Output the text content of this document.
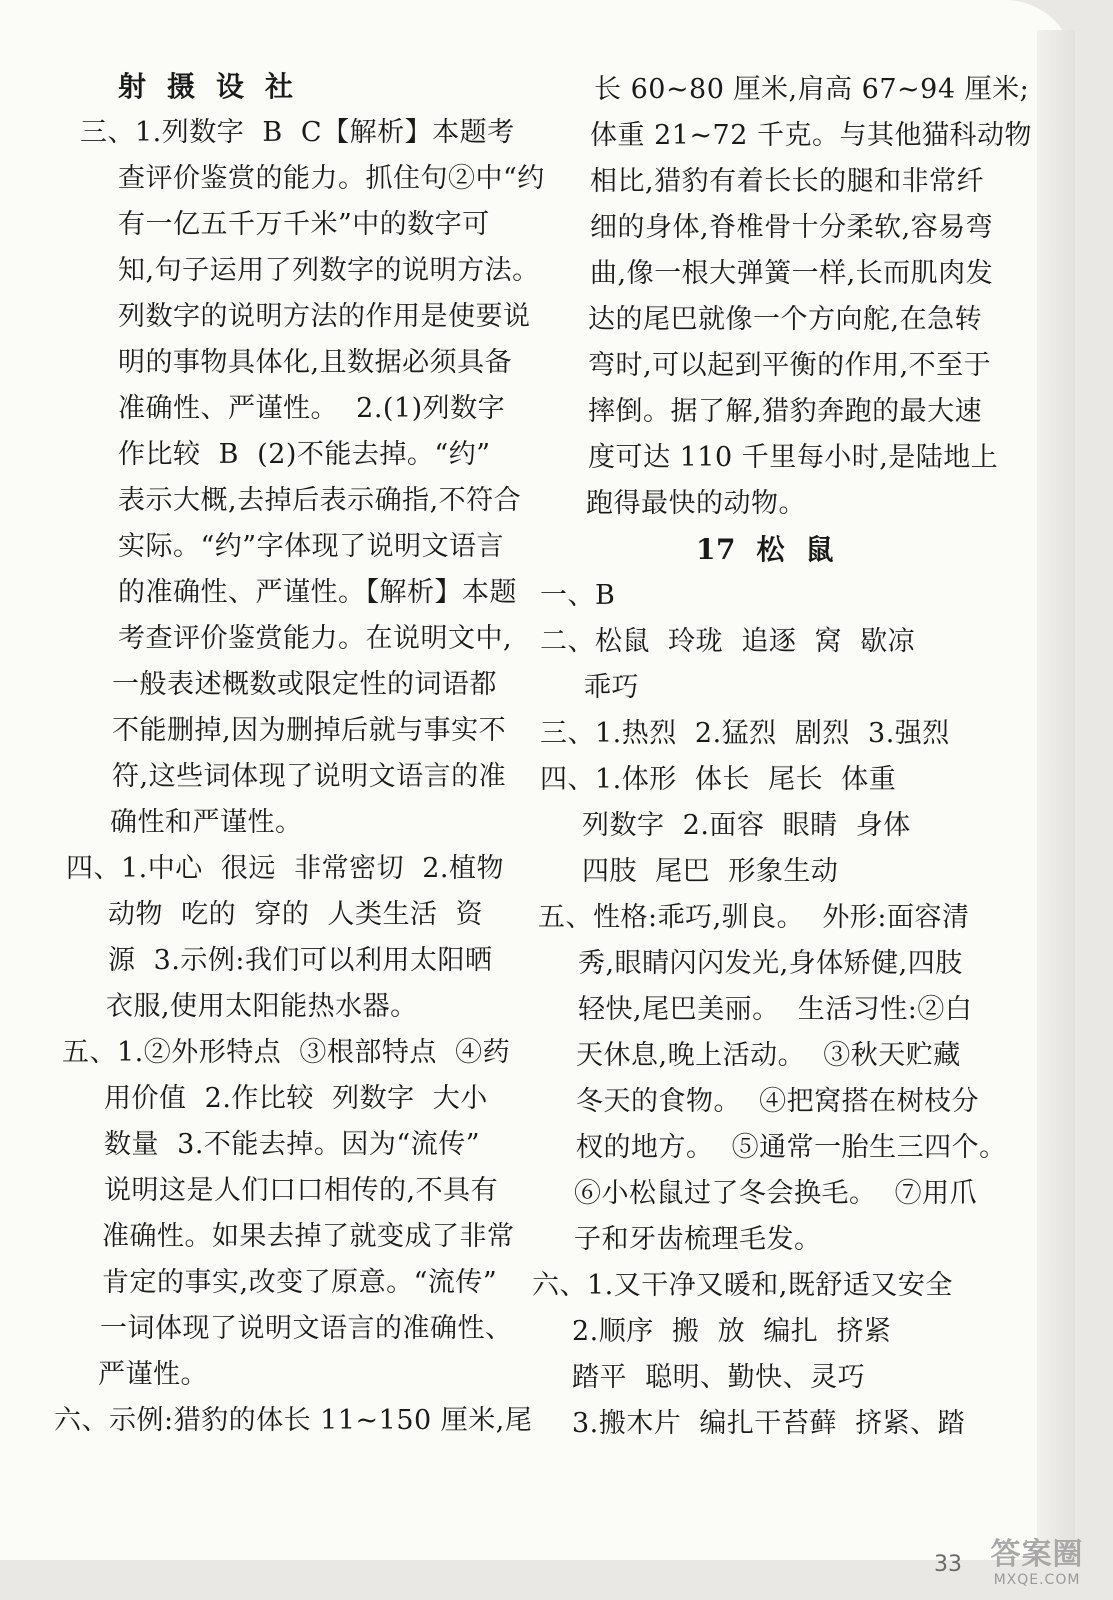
射  摄  设  社
三、1.列数字  B  C【解析】本题考
查评价鉴赏的能力。抓住句②中“约
有一亿五千万千米”中的数字可
知,句子运用了列数字的说明方法。
列数字的说明方法的作用是使要说
明的事物具体化,且数据必须具备
准确性、严谨性。  2.(1)列数字
作比较  B  (2)不能去掉。“约”
表示大概,去掉后表示确指,不符合
实际。“约”字体现了说明文语言
的准确性、严谨性。【解析】本题
考查评价鉴赏能力。在说明文中,
一般表述概数或限定性的词语都
不能删掉,因为删掉后就与事实不
符,这些词体现了说明文语言的准
确性和严谨性。
四、1.中心  很远  非常密切  2.植物
动物  吃的  穿的  人类生活  资
源  3.示例:我们可以利用太阳晒
衣服,使用太阳能热水器。
五、1.②外形特点  ③根部特点  ④药
用价值  2.作比较  列数字  大小
数量  3.不能去掉。因为“流传”
说明这是人们口口相传的,不具有
准确性。如果去掉了就变成了非常
肯定的事实,改变了原意。“流传”
一词体现了说明文语言的准确性、
严谨性。
六、示例:猎豹的体长 11~150 厘米,尾
长 60~80 厘米,肩高 67~94 厘米;
体重 21~72 千克。与其他猫科动物
相比,猎豹有着长长的腿和非常纤
细的身体,脊椎骨十分柔软,容易弯
曲,像一根大弹簧一样,长而肌肉发
达的尾巴就像一个方向舵,在急转
弯时,可以起到平衡的作用,不至于
摔倒。据了解,猎豹奔跑的最大速
度可达 110 千里每小时,是陆地上
跑得最快的动物。
17  松  鼠
一、B
二、松鼠  玲珑  追逐  窝  歇凉
乖巧
三、1.热烈  2.猛烈  剧烈  3.强烈
四、1.体形  体长  尾长  体重
列数字  2.面容  眼睛  身体
四肢  尾巴  形象生动
五、性格:乖巧,驯良。  外形:面容清
秀,眼睛闪闪发光,身体矫健,四肢
轻快,尾巴美丽。  生活习性:②白
天休息,晚上活动。  ③秋天贮藏
冬天的食物。  ④把窝搭在树枝分
杈的地方。  ⑤通常一胎生三四个。
⑥小松鼠过了冬会换毛。  ⑦用爪
子和牙齿梳理毛发。
六、1.又干净又暖和,既舒适又安全
2.顺序  搬  放  编扎  挤紧
踏平  聪明、勤快、灵巧
3.搬木片  编扎干苔藓  挤紧、踏
33 答案圈
MXQE.COM
